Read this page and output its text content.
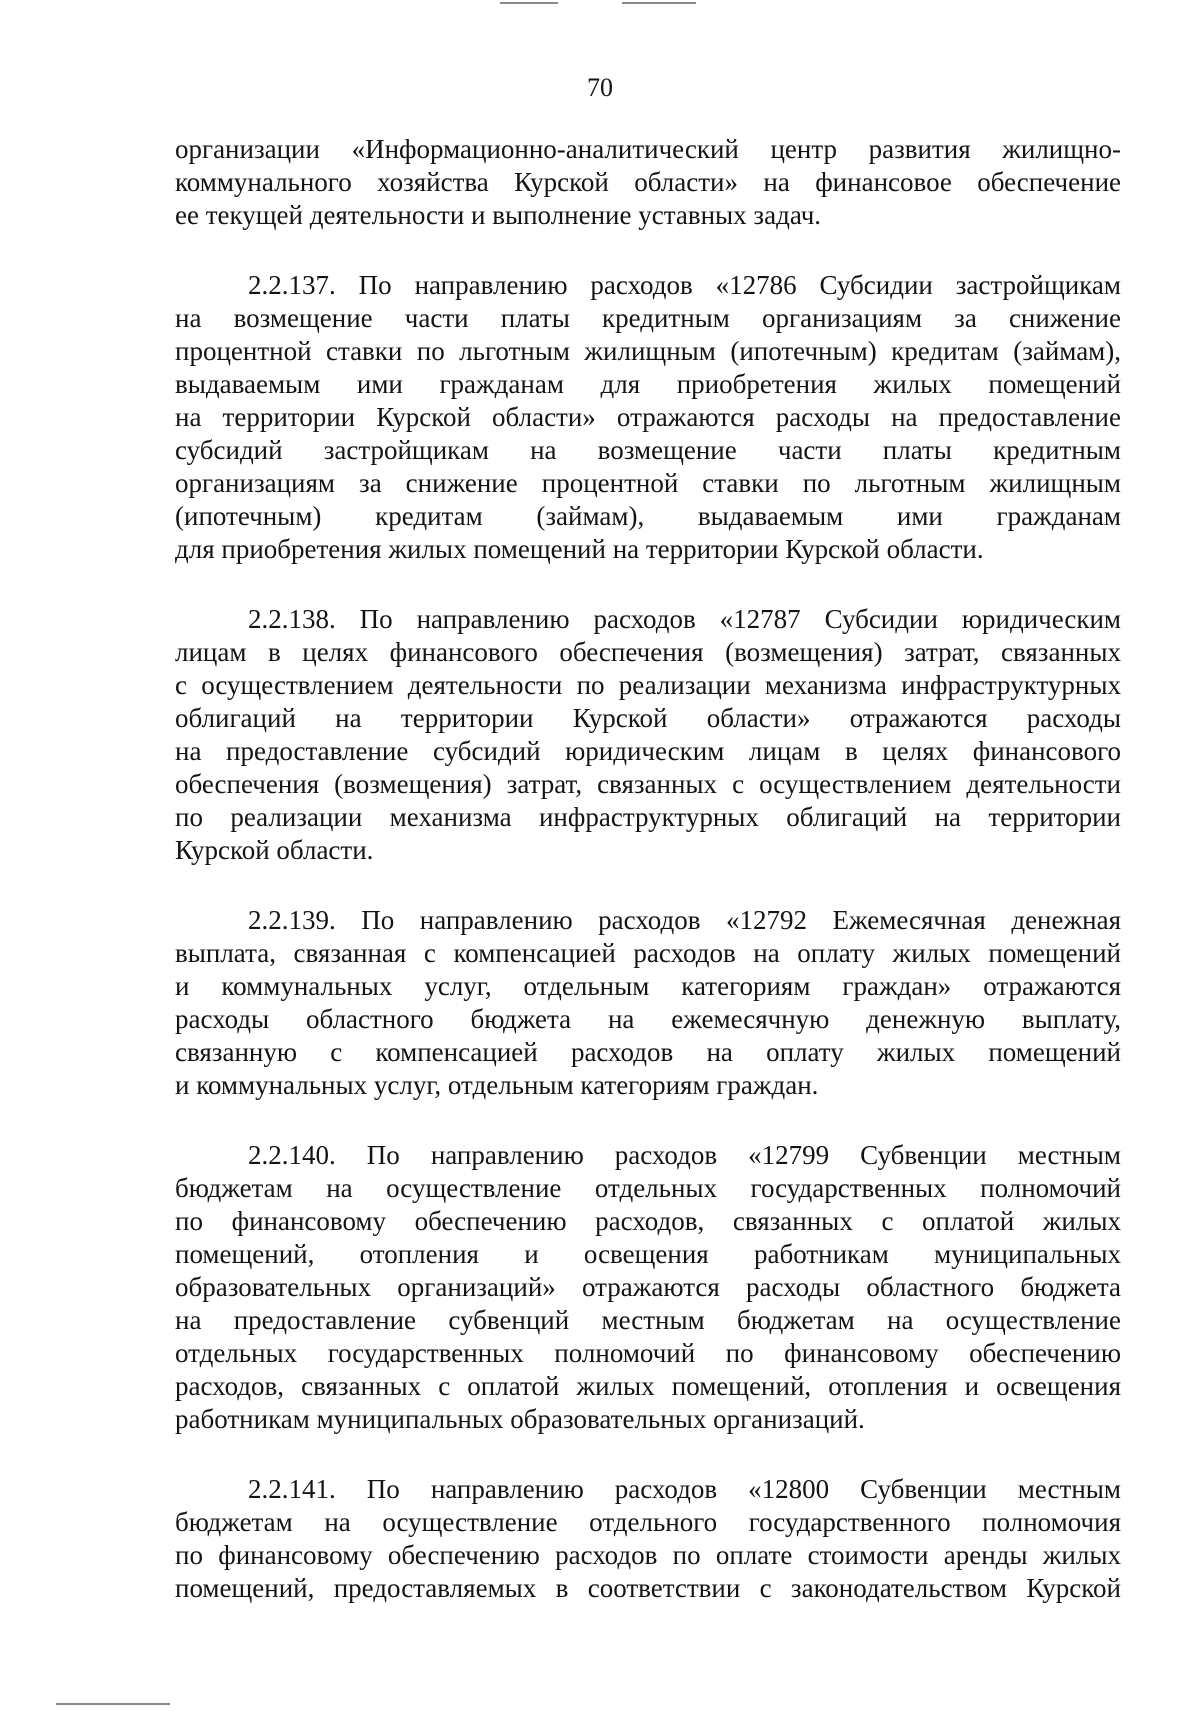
70
организации «Информационно-аналитический центр развития жилищно-
коммунального хозяйства Курской области» на финансовое обеспечение
ее текущей деятельности и выполнение уставных задач.
2.2.137. По направлению расходов «12786 Субсидии застройщикам
на возмещение части платы кредитным организациям за снижение
процентной ставки по льготным жилищным (ипотечным) кредитам (займам),
выдаваемым ими гражданам для приобретения жилых помещений
на территории Курской области» отражаются расходы на предоставление
субсидий застройщикам на возмещение части платы кредитным
организациям за снижение процентной ставки по льготным жилищным
(ипотечным) кредитам (займам), выдаваемым ими гражданам
для приобретения жилых помещений на территории Курской области.
2.2.138. По направлению расходов «12787 Субсидии юридическим
лицам в целях финансового обеспечения (возмещения) затрат, связанных
с осуществлением деятельности по реализации механизма инфраструктурных
облигаций на территории Курской области» отражаются расходы
на предоставление субсидий юридическим лицам в целях финансового
обеспечения (возмещения) затрат, связанных с осуществлением деятельности
по реализации механизма инфраструктурных облигаций на территории
Курской области.
2.2.139. По направлению расходов «12792 Ежемесячная денежная
выплата, связанная с компенсацией расходов на оплату жилых помещений
и коммунальных услуг, отдельным категориям граждан» отражаются
расходы областного бюджета на ежемесячную денежную выплату,
связанную с компенсацией расходов на оплату жилых помещений
и коммунальных услуг, отдельным категориям граждан.
2.2.140. По направлению расходов «12799 Субвенции местным
бюджетам на осуществление отдельных государственных полномочий
по финансовому обеспечению расходов, связанных с оплатой жилых
помещений, отопления и освещения работникам муниципальных
образовательных организаций» отражаются расходы областного бюджета
на предоставление субвенций местным бюджетам на осуществление
отдельных государственных полномочий по финансовому обеспечению
расходов, связанных с оплатой жилых помещений, отопления и освещения
работникам муниципальных образовательных организаций.
2.2.141. По направлению расходов «12800 Субвенции местным
бюджетам на осуществление отдельного государственного полномочия
по финансовому обеспечению расходов по оплате стоимости аренды жилых
помещений, предоставляемых в соответствии с законодательством Курской
